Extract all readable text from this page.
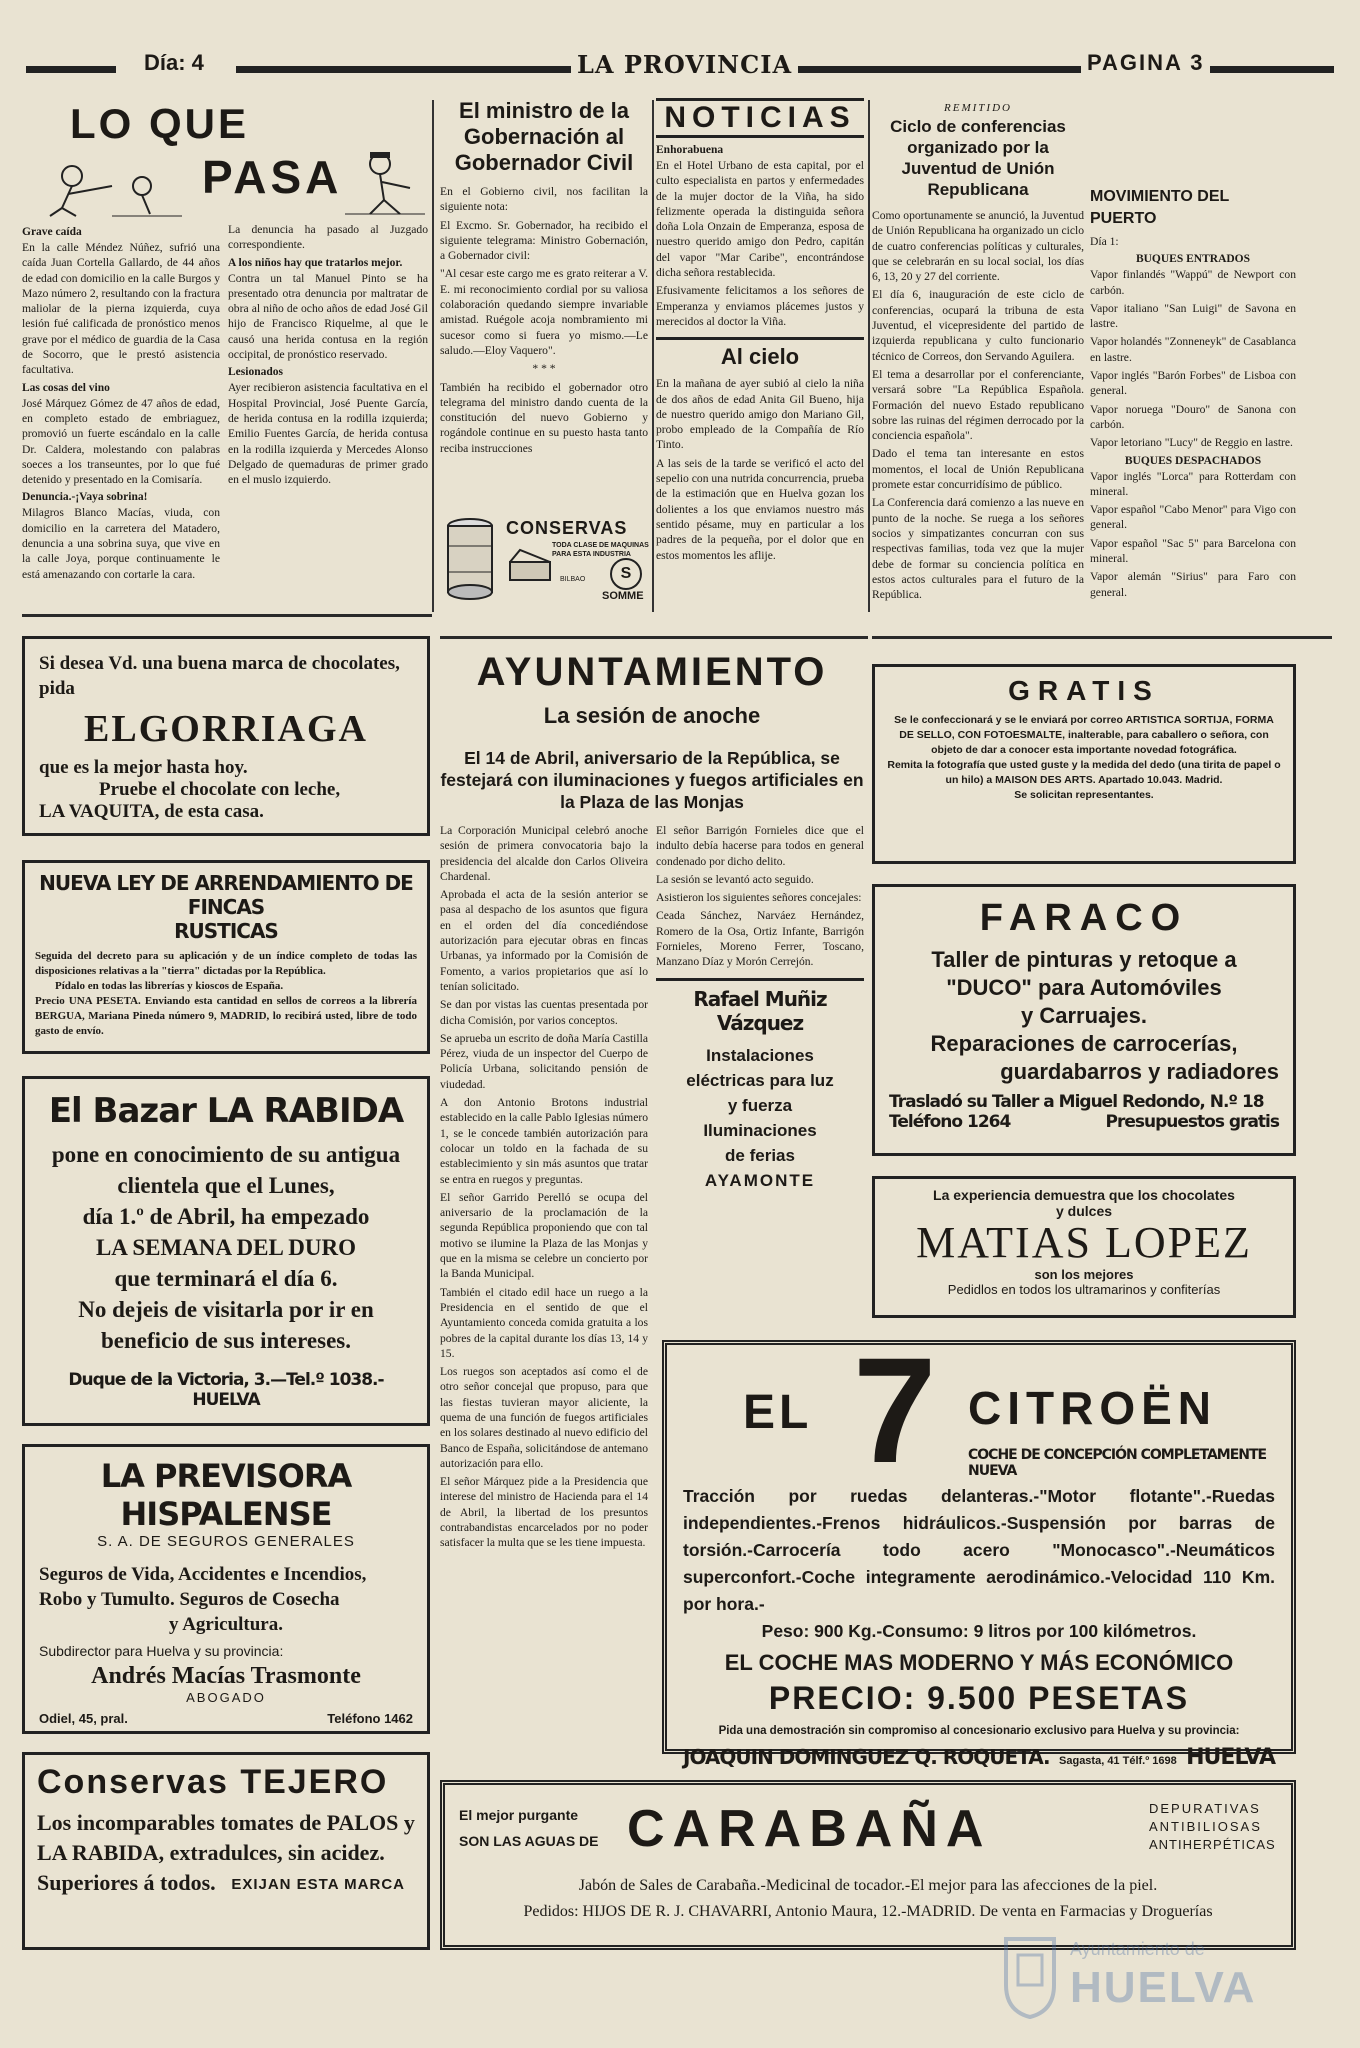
Día: 4	LA PROVINCIA	PAGINA 3
LO QUE
PASA
Grave caída

En la calle Méndez Núñez, sufrió una caída Juan Cortella Gallardo, de 44 años de edad con domicilio en la calle Burgos y Mazo número 2, resultando con la fractura maliolar de la pierna izquierda, cuya lesión fué calificada de pronóstico menos grave por el médico de guardia de la Casa de Socorro, que le prestó asistencia facultativa.

Las cosas del vino

José Márquez Gómez de 47 años de edad, en completo estado de embriaguez, promovió un fuerte escándalo en la calle Dr. Caldera, molestando con palabras soeces a los transeuntes, por lo que fué detenido y presentado en la Comisaría.

Denuncia.-¡Vaya sobrina!

Milagros Blanco Macías, viuda, con domicilio en la carretera del Matadero, denuncia a una sobrina suya, que vive en la calle Joya, porque continuamente le está amenazando con cortarle la cara.

La denuncia ha pasado al Juzgado correspondiente.

A los niños hay que tratarlos mejor.

Contra un tal Manuel Pinto se ha presentado otra denuncia por maltratar de obra al niño de ocho años de edad José Gil hijo de Francisco Riquelme, al que le causó una herida contusa en la región occipital, de pronóstico reservado.

Lesionados

Ayer recibieron asistencia facultativa en el Hospital Provincial, José Puente García, de herida contusa en la rodilla izquierda; Emilio Fuentes García, de herida contusa en la rodilla izquierda y Mercedes Alonso Delgado de quemaduras de primer grado en el muslo izquierdo.

El ministro de la Gobernación al Gobernador Civil

En el Gobierno civil, nos facilitan la siguiente nota:

El Excmo. Sr. Gobernador, ha recibido el siguiente telegrama: Ministro Gobernación, a Gobernador civil:

"Al cesar este cargo me es grato reiterar a V. E. mi reconocimiento cordial por su valiosa colaboración quedando siempre invariable amistad. Ruégole acoja nombramiento mi sucesor como si fuera yo mismo.—Le saludo.—Eloy Vaquero".

* * *

También ha recibido el gobernador otro telegrama del ministro dando cuenta de la constitución del nuevo Gobierno y rogándole continue en su puesto hasta tanto reciba instrucciones

CONSERVAS
TODA CLASE DE MAQUINAS
PARA ESTA INDUSTRIA
BILBAO	S
SOMME
NOTICIAS
Enhorabuena

En el Hotel Urbano de esta capital, por el culto especialista en partos y enfermedades de la mujer doctor de la Viña, ha sido felizmente operada la distinguida señora doña Lola Onzain de Emperanza, esposa de nuestro querido amigo don Pedro, capitán del vapor "Mar Caribe", encontrándose dicha señora restablecida.

Efusivamente felicitamos a los señores de Emperanza y enviamos plácemes justos y merecidos al doctor la Viña.

Al cielo

En la mañana de ayer subió al cielo la niña de dos años de edad Anita Gil Bueno, hija de nuestro querido amigo don Mariano Gil, probo empleado de la Compañía de Río Tinto.

A las seis de la tarde se verificó el acto del sepelio con una nutrida concurrencia, prueba de la estimación que en Huelva gozan los dolientes a los que enviamos nuestro más sentido pésame, muy en particular a los padres de la pequeña, por el dolor que en estos momentos les aflije.

REMITIDO
Ciclo de conferencias organizado por la Juventud de Unión Republicana

Como oportunamente se anunció, la Juventud de Unión Republicana ha organizado un ciclo de cuatro conferencias políticas y culturales, que se celebrarán en su local social, los días 6, 13, 20 y 27 del corriente.

El día 6, inauguración de este ciclo de conferencias, ocupará la tribuna de esta Juventud, el vicepresidente del partido de izquierda republicana y culto funcionario técnico de Correos, don Servando Aguilera.

El tema a desarrollar por el conferenciante, versará sobre "La República Española. Formación del nuevo Estado republicano sobre las ruinas del régimen derrocado por la conciencia española".

Dado el tema tan interesante en estos momentos, el local de Unión Republicana promete estar concurridísimo de público.

La Conferencia dará comienzo a las nueve en punto de la noche. Se ruega a los señores socios y simpatizantes concurran con sus respectivas familias, toda vez que la mujer debe de formar su conciencia política en estos actos culturales para el futuro de la República.

MOVIMIENTO DEL PUERTO

Día 1:

BUQUES ENTRADOS

Vapor finlandés "Wappú" de Newport con carbón.

Vapor italiano "San Luigi" de Savona en lastre.

Vapor holandés "Zonneneyk" de Casablanca en lastre.

Vapor inglés "Barón Forbes" de Lisboa con general.

Vapor noruega "Douro" de Sanona con carbón.

Vapor letoriano "Lucy" de Reggio en lastre.

BUQUES DESPACHADOS

Vapor inglés "Lorca" para Rotterdam con mineral.

Vapor español "Cabo Menor" para Vigo con general.

Vapor español "Sac 5" para Barcelona con mineral.

Vapor alemán "Sirius" para Faro con general.

Si desea Vd. una buena marca de chocolates, pida
ELGORRIAGA
que es la mejor hasta hoy.
Pruebe el chocolate con leche,
LA VAQUITA, de esta casa.
NUEVA LEY DE ARRENDAMIENTO DE FINCAS
RUSTICAS

Seguida del decreto para su aplicación y de un índice completo de todas las disposiciones relativas a la "tierra" dictadas por la República.

Pídalo en todas las librerías y kioscos de España.

Precio UNA PESETA. Enviando esta cantidad en sellos de correos a la librería BERGUA, Mariana Pineda número 9, MADRID, lo recibirá usted, libre de todo gasto de envío.

El Bazar LA RABIDA
pone en conocimiento de su antigua clientela que el Lunes,
día 1.º de Abril, ha empezado
LA SEMANA DEL DURO
que terminará el día 6.
No dejeis de visitarla por ir en beneficio de sus intereses.
Duque de la Victoria, 3.—Tel.º 1038.-HUELVA
LA PREVISORA HISPALENSE
S. A. DE SEGUROS GENERALES
Seguros de Vida, Accidentes e Incendios,
Robo y Tumulto. Seguros de Cosecha
y Agricultura.
Subdirector para Huelva y su provincia:
Andrés Macías Trasmonte
ABOGADO
Odiel, 45, pral.	Teléfono 1462
Conservas TEJERO
Los incomparables tomates de PALOS y LA RABIDA, extradulces, sin acidez. Superiores á todos.	EXIJAN ESTA MARCA
AYUNTAMIENTO
La sesión de anoche
El 14 de Abril, aniversario de la República, se festejará con iluminaciones y fuegos artificiales en la Plaza de las Monjas

La Corporación Municipal celebró anoche sesión de primera convocatoria bajo la presidencia del alcalde don Carlos Oliveira Chardenal.

Aprobada el acta de la sesión anterior se pasa al despacho de los asuntos que figura en el orden del día concediéndose autorización para ejecutar obras en fincas Urbanas, ya informado por la Comisión de Fomento, a varios propietarios que así lo tenían solicitado.

Se dan por vistas las cuentas presentada por dicha Comisión, por varios conceptos.

Se aprueba un escrito de doña María Castilla Pérez, viuda de un inspector del Cuerpo de Policía Urbana, solicitando pensión de viudedad.

A don Antonio Brotons industrial establecido en la calle Pablo Iglesias número 1, se le concede también autorización para colocar un toldo en la fachada de su establecimiento y sin más asuntos que tratar se entra en ruegos y preguntas.

El señor Garrido Perelló se ocupa del aniversario de la proclamación de la segunda República proponiendo que con tal motivo se ilumine la Plaza de las Monjas y que en la misma se celebre un concierto por la Banda Municipal.

También el citado edil hace un ruego a la Presidencia en el sentido de que el Ayuntamiento conceda comida gratuita a los pobres de la capital durante los días 13, 14 y 15.

Los ruegos son aceptados así como el de otro señor concejal que propuso, para que las fiestas tuvieran mayor aliciente, la quema de una función de fuegos artificiales en los solares destinado al nuevo edificio del Banco de España, solicitándose de antemano autorización para ello.

El señor Márquez pide a la Presidencia que interese del ministro de Hacienda para el 14 de Abril, la libertad de los presuntos contrabandistas encarcelados por no poder satisfacer la multa que se les tiene impuesta.

El señor Barrigón Fornieles dice que el indulto debía hacerse para todos en general condenado por dicho delito.

La sesión se levantó acto seguido.

Asistieron los siguientes señores concejales:

Ceada Sánchez, Narváez Hernández, Romero de la Osa, Ortiz Infante, Barrigón Fornieles, Moreno Ferrer, Toscano, Manzano Díaz y Morón Cerrejón.

Rafael Muñiz Vázquez
Instalaciones
eléctricas para luz
y fuerza
Iluminaciones
de ferias
AYAMONTE
GRATIS

Se le confeccionará y se le enviará por correo ARTISTICA SORTIJA, FORMA DE SELLO, CON FOTOESMALTE, inalterable, para caballero o señora, con objeto de dar a conocer esta importante novedad fotográfica.

Remita la fotografía que usted guste y la medida del dedo (una tirita de papel o un hilo) a MAISON DES ARTS. Apartado 10.043. Madrid.

Se solicitan representantes.

FARACO
Taller de pinturas y retoque a
"DUCO" para Automóviles
y Carruajes.
Reparaciones de carrocerías,
guardabarros y radiadores
Trasladó su Taller a Miguel Redondo, N.º 18
Teléfono 1264	Presupuestos gratis
La experiencia demuestra que los chocolates
y dulces
MATIAS LOPEZ
son los mejores
Pedidlos en todos los ultramarinos y confiterías
EL 7 CITROËN
COCHE DE CONCEPCIÓN COMPLETAMENTE NUEVA
Tracción por ruedas delanteras.-"Motor flotante".-Ruedas independientes.-Frenos hidráulicos.-Suspensión por barras de torsión.-Carrocería todo acero "Monocasco".-Neumáticos superconfort.-Coche integramente aerodinámico.-Velocidad 110 Km. por hora.-
Peso: 900 Kg.-Consumo: 9 litros por 100 kilómetros.
EL COCHE MAS MODERNO Y MÁS ECONÓMICO
PRECIO: 9.500 PESETAS
Pida una demostración sin compromiso al concesionario exclusivo para Huelva y su provincia:
JOAQUIN DOMINGUEZ Q. ROQUETA. Sagasta, 41 Télf.º 1698 HUELVA
El mejor purgante
SON LAS AGUAS DE CARABAÑA	DEPURATIVAS
ANTIBILIOSAS
ANTIHERPÉTICAS
Jabón de Sales de Carabaña.-Medicinal de tocador.-El mejor para las afecciones de la piel.
Pedidos: HIJOS DE R. J. CHAVARRI, Antonio Maura, 12.-MADRID. De venta en Farmacias y Droguerías
Ayuntamiento de
HUELVA
